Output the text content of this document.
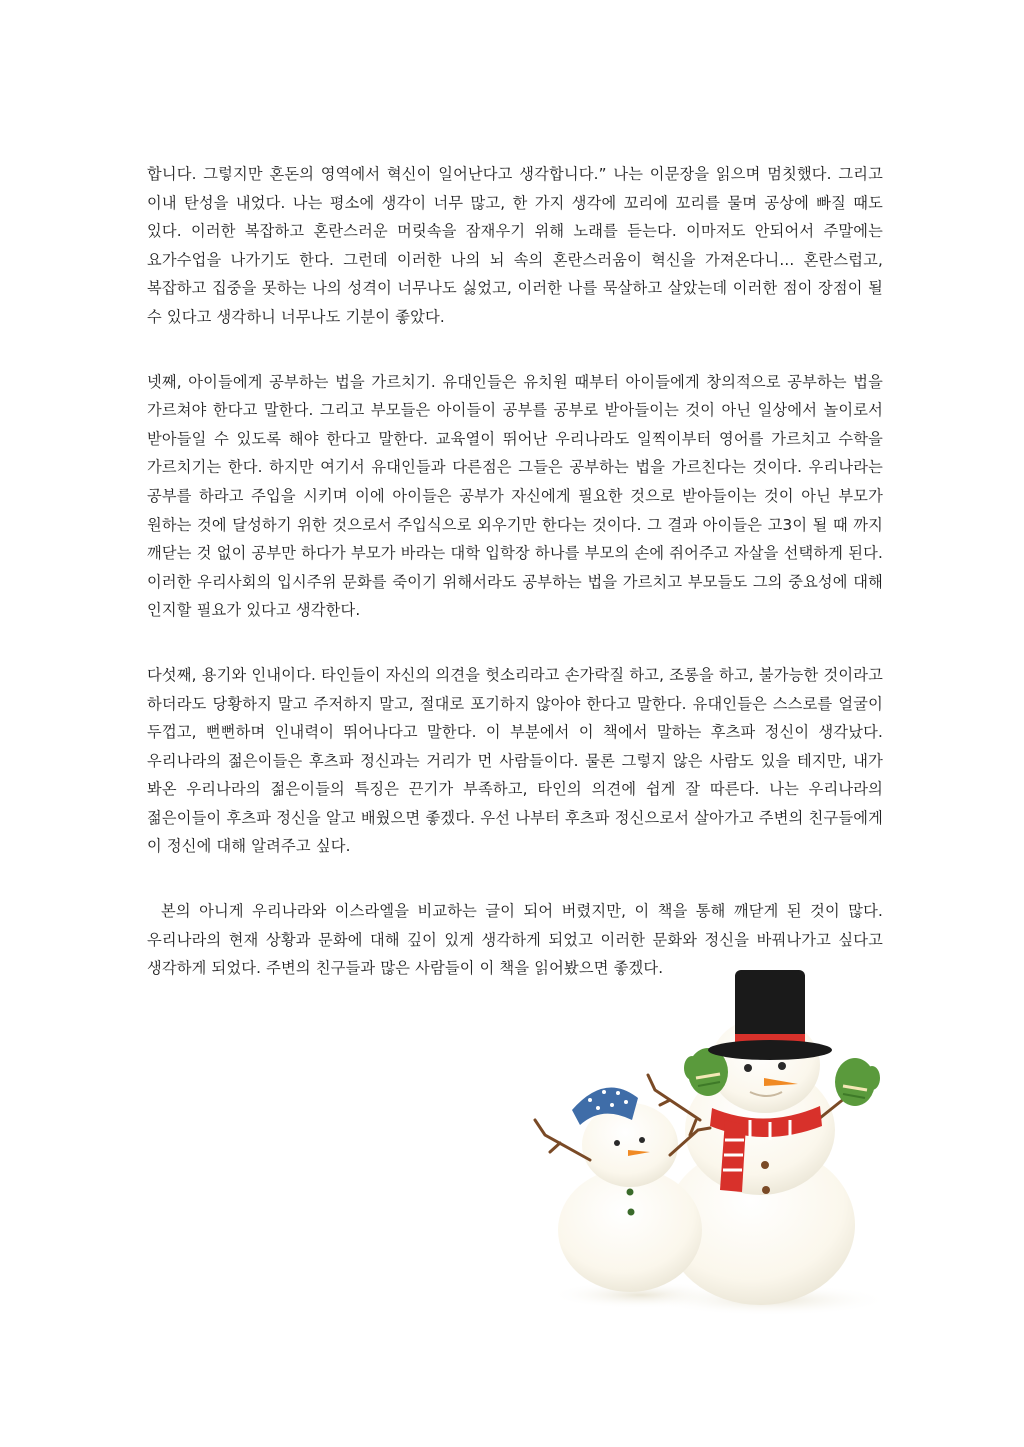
합니다. 그렇지만 혼돈의 영역에서 혁신이 일어난다고 생각합니다.” 나는 이문장을 읽으며 멈칫했다. 그리고 이내 탄성을 내었다. 나는 평소에 생각이 너무 많고, 한 가지 생각에 꼬리에 꼬리를 물며 공상에 빠질 때도 있다. 이러한 복잡하고 혼란스러운 머릿속을 잠재우기 위해 노래를 듣는다. 이마저도 안되어서 주말에는 요가수업을 나가기도 한다. 그런데 이러한 나의 뇌 속의 혼란스러움이 혁신을 가져온다니... 혼란스럽고, 복잡하고 집중을 못하는 나의 성격이 너무나도 싫었고, 이러한 나를 묵살하고 살았는데 이러한 점이 장점이 될 수 있다고 생각하니 너무나도 기분이 좋았다.

넷째, 아이들에게 공부하는 법을 가르치기. 유대인들은 유치원 때부터 아이들에게 창의적으로 공부하는 법을 가르쳐야 한다고 말한다. 그리고 부모들은 아이들이 공부를 공부로 받아들이는 것이 아닌 일상에서 놀이로서 받아들일 수 있도록 해야 한다고 말한다. 교육열이 뛰어난 우리나라도 일찍이부터 영어를 가르치고 수학을 가르치기는 한다. 하지만 여기서 유대인들과 다른점은 그들은 공부하는 법을 가르친다는 것이다. 우리나라는 공부를 하라고 주입을 시키며 이에 아이들은 공부가 자신에게 필요한 것으로 받아들이는 것이 아닌 부모가 원하는 것에 달성하기 위한 것으로서 주입식으로 외우기만 한다는 것이다. 그 결과 아이들은 고3이 될 때 까지 깨닫는 것 없이 공부만 하다가 부모가 바라는 대학 입학장 하나를 부모의 손에 쥐어주고 자살을 선택하게 된다. 이러한 우리사회의 입시주위 문화를 죽이기 위해서라도 공부하는 법을 가르치고 부모들도 그의 중요성에 대해 인지할 필요가 있다고 생각한다.

다섯째, 용기와 인내이다. 타인들이 자신의 의견을 헛소리라고 손가락질 하고, 조롱을 하고, 불가능한 것이라고 하더라도 당황하지 말고 주저하지 말고, 절대로 포기하지 않아야 한다고 말한다. 유대인들은 스스로를 얼굴이 두껍고, 뻔뻔하며 인내력이 뛰어나다고 말한다. 이 부분에서 이 책에서 말하는 후츠파 정신이 생각났다. 우리나라의 젊은이들은 후츠파 정신과는 거리가 먼 사람들이다. 물론 그렇지 않은 사람도 있을 테지만, 내가 봐온 우리나라의 젊은이들의 특징은 끈기가 부족하고, 타인의 의견에 쉽게 잘 따른다. 나는 우리나라의 젊은이들이 후츠파 정신을 알고 배웠으면 좋겠다. 우선 나부터 후츠파 정신으로서 살아가고 주변의 친구들에게 이 정신에 대해 알려주고 싶다.

본의 아니게 우리나라와 이스라엘을 비교하는 글이 되어 버렸지만, 이 책을 통해 깨닫게 된 것이 많다. 우리나라의 현재 상황과 문화에 대해 깊이 있게 생각하게 되었고 이러한 문화와 정신을 바꿔나가고 싶다고 생각하게 되었다. 주변의 친구들과 많은 사람들이 이 책을 읽어봤으면 좋겠다.
